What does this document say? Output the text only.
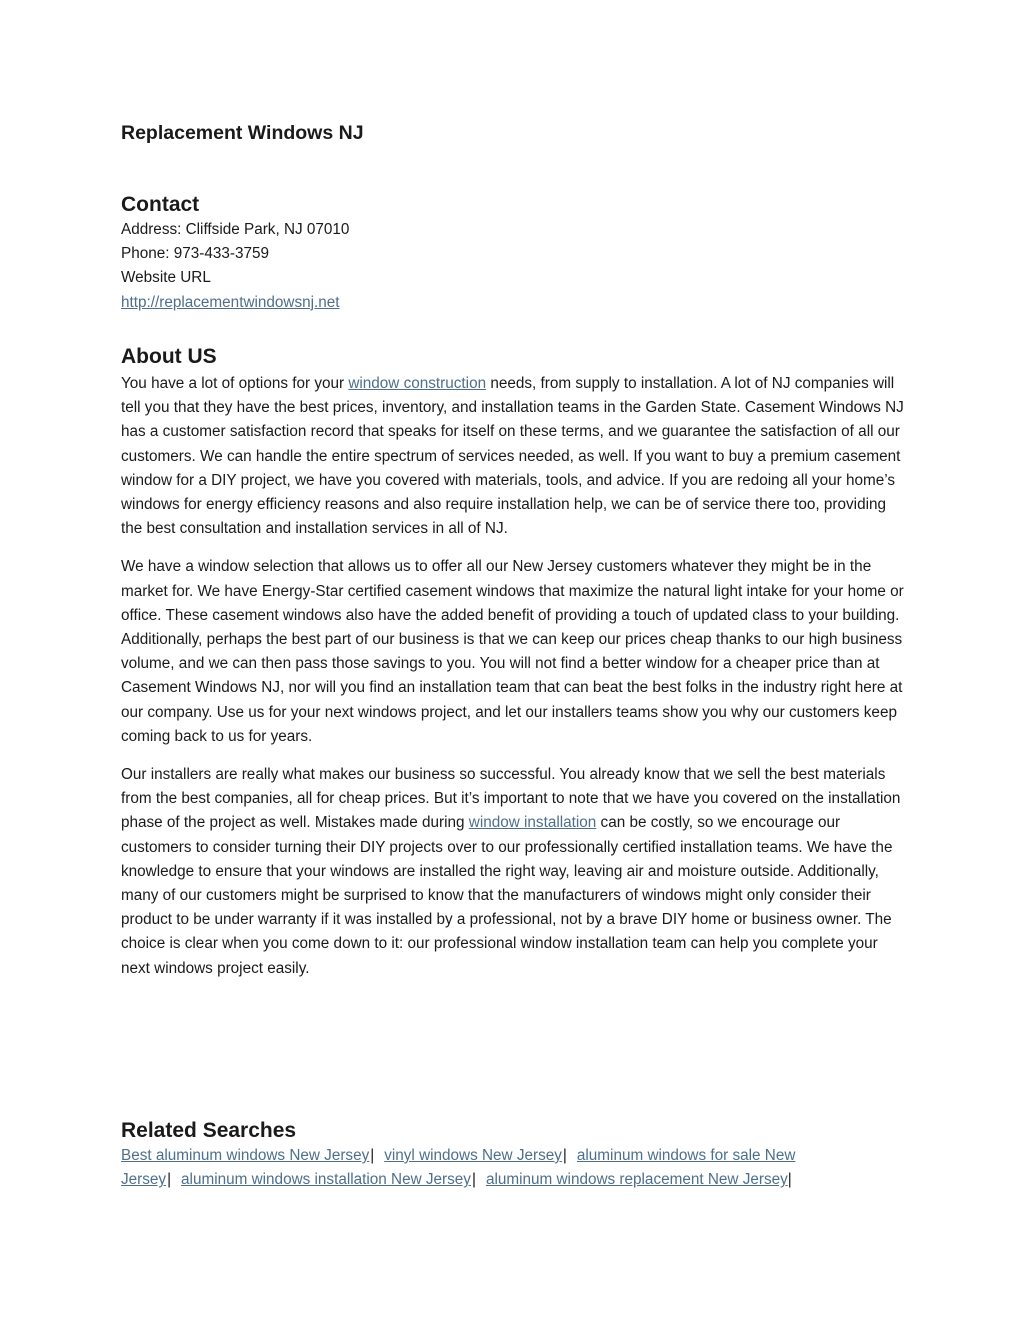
Replacement Windows NJ
Contact

Address: Cliffside Park, NJ 07010

Phone: 973-433-3759

Website URL

http://replacementwindowsnj.net

About US

You have a lot of options for your window construction needs, from supply to installation. A lot of NJ companies will tell you that they have the best prices, inventory, and installation teams in the Garden State. Casement Windows NJ has a customer satisfaction record that speaks for itself on these terms, and we guarantee the satisfaction of all our customers. We can handle the entire spectrum of services needed, as well. If you want to buy a premium casement window for a DIY project, we have you covered with materials, tools, and advice. If you are redoing all your home’s windows for energy efficiency reasons and also require installation help, we can be of service there too, providing the best consultation and installation services in all of NJ.

We have a window selection that allows us to offer all our New Jersey customers whatever they might be in the market for. We have Energy-Star certified casement windows that maximize the natural light intake for your home or office. These casement windows also have the added benefit of providing a touch of updated class to your building. Additionally, perhaps the best part of our business is that we can keep our prices cheap thanks to our high business volume, and we can then pass those savings to you. You will not find a better window for a cheaper price than at Casement Windows NJ, nor will you find an installation team that can beat the best folks in the industry right here at our company. Use us for your next windows project, and let our installers teams show you why our customers keep coming back to us for years.

Our installers are really what makes our business so successful. You already know that we sell the best materials from the best companies, all for cheap prices. But it’s important to note that we have you covered on the installation phase of the project as well. Mistakes made during window installation can be costly, so we encourage our customers to consider turning their DIY projects over to our professionally certified installation teams. We have the knowledge to ensure that your windows are installed the right way, leaving air and moisture outside. Additionally, many of our customers might be surprised to know that the manufacturers of windows might only consider their product to be under warranty if it was installed by a professional, not by a brave DIY home or business owner. The choice is clear when you come down to it: our professional window installation team can help you complete your next windows project easily.

Related Searches

Best aluminum windows New Jersey| vinyl windows New Jersey| aluminum windows for sale New Jersey| aluminum windows installation New Jersey| aluminum windows replacement New Jersey|
